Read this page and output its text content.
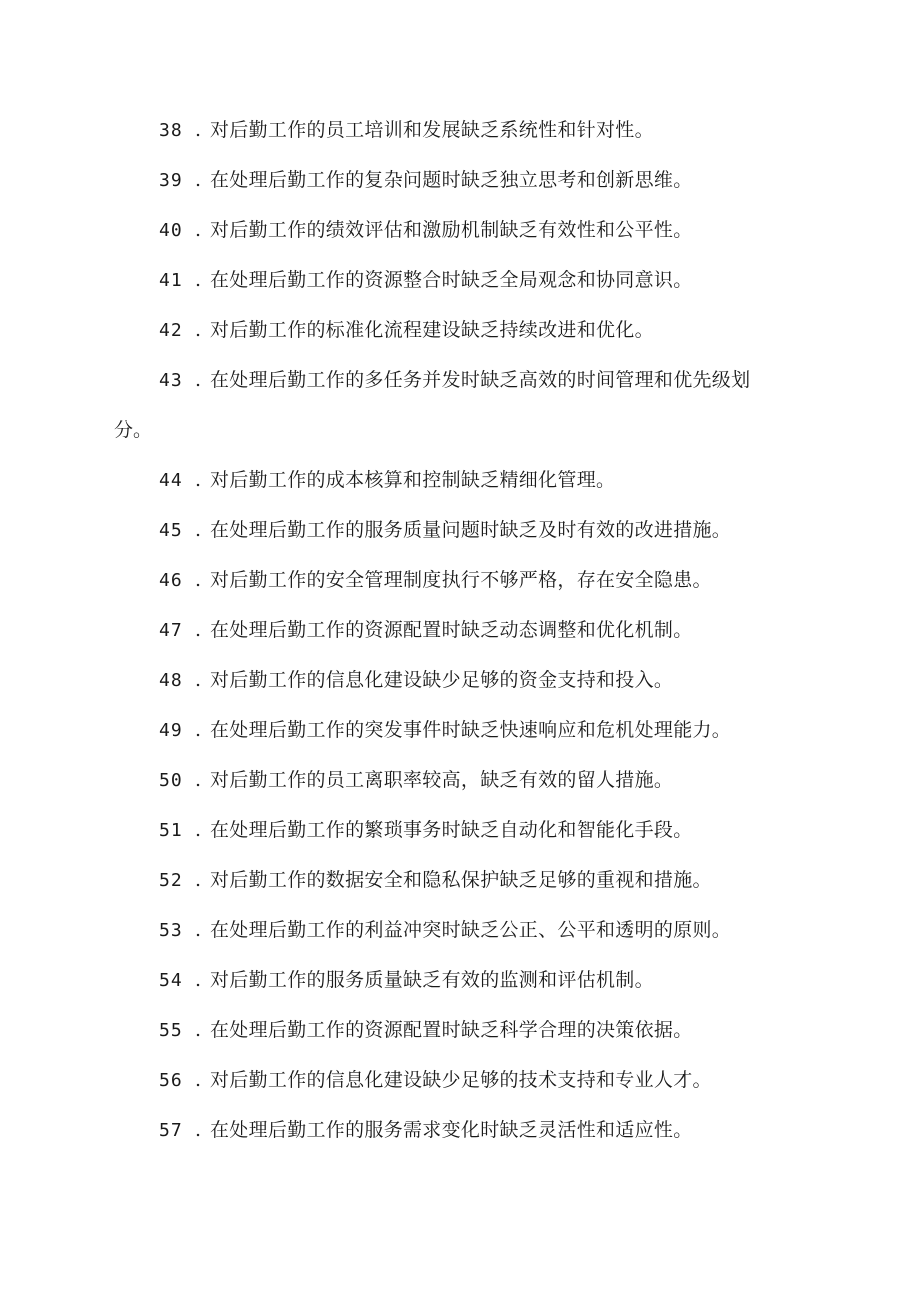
38 . 对后勤工作的员工培训和发展缺乏系统性和针对性。
39 . 在处理后勤工作的复杂问题时缺乏独立思考和创新思维。
40 . 对后勤工作的绩效评估和激励机制缺乏有效性和公平性。
41 . 在处理后勤工作的资源整合时缺乏全局观念和协同意识。
42 . 对后勤工作的标准化流程建设缺乏持续改进和优化。
43 . 在处理后勤工作的多任务并发时缺乏高效的时间管理和优先级划
分。
44 . 对后勤工作的成本核算和控制缺乏精细化管理。
45 . 在处理后勤工作的服务质量问题时缺乏及时有效的改进措施。
46 . 对后勤工作的安全管理制度执行不够严格，存在安全隐患。
47 . 在处理后勤工作的资源配置时缺乏动态调整和优化机制。
48 . 对后勤工作的信息化建设缺少足够的资金支持和投入。
49 . 在处理后勤工作的突发事件时缺乏快速响应和危机处理能力。
50 . 对后勤工作的员工离职率较高，缺乏有效的留人措施。
51 . 在处理后勤工作的繁琐事务时缺乏自动化和智能化手段。
52 . 对后勤工作的数据安全和隐私保护缺乏足够的重视和措施。
53 . 在处理后勤工作的利益冲突时缺乏公正、公平和透明的原则。
54 . 对后勤工作的服务质量缺乏有效的监测和评估机制。
55 . 在处理后勤工作的资源配置时缺乏科学合理的决策依据。
56 . 对后勤工作的信息化建设缺少足够的技术支持和专业人才。
57 . 在处理后勤工作的服务需求变化时缺乏灵活性和适应性。
